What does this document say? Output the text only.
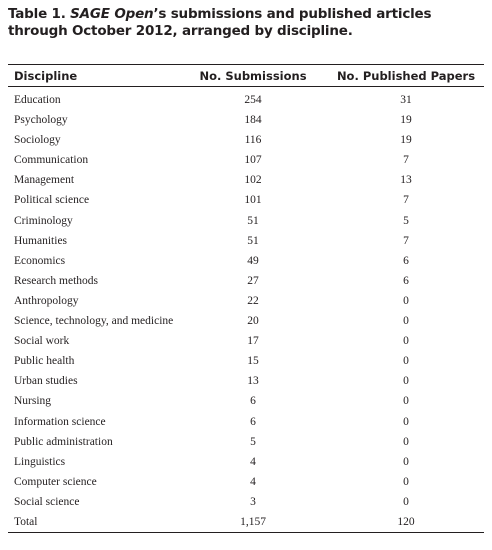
Table 1. SAGE Open’s submissions and published articles through October 2012, arranged by discipline.
Discipline	No. Submissions	No. Published Papers
Education	254	31
Psychology	184	19
Sociology	116	19
Communication	107	7
Management	102	13
Political science	101	7
Criminology	51	5
Humanities	51	7
Economics	49	6
Research methods	27	6
Anthropology	22	0
Science, technology, and medicine	20	0
Social work	17	0
Public health	15	0
Urban studies	13	0
Nursing	6	0
Information science	6	0
Public administration	5	0
Linguistics	4	0
Computer science	4	0
Social science	3	0
Total	1,157	120
